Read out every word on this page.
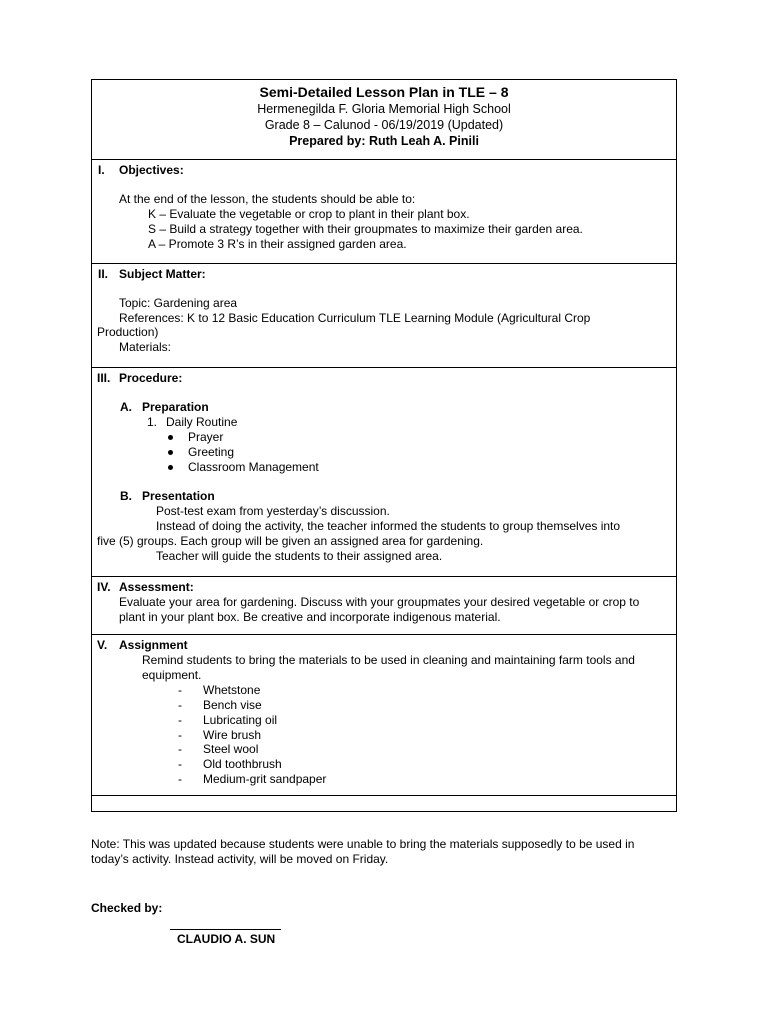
Semi-Detailed Lesson Plan in TLE – 8
Hermenegilda F. Gloria Memorial High School
Grade 8 – Calunod - 06/19/2019 (Updated)
Prepared by: Ruth Leah A. Pinili
I. Objectives:
At the end of the lesson, the students should be able to:
K – Evaluate the vegetable or crop to plant in their plant box.
S – Build a strategy together with their groupmates to maximize their garden area.
A – Promote 3 R’s in their assigned garden area.
II. Subject Matter:
Topic: Gardening area
References: K to 12 Basic Education Curriculum TLE Learning Module (Agricultural Crop
Production)
Materials:
III. Procedure:
A. Preparation
1. Daily Routine
Prayer
Greeting
Classroom Management
B. Presentation
Post-test exam from yesterday’s discussion.
Instead of doing the activity, the teacher informed the students to group themselves into
five (5) groups. Each group will be given an assigned area for gardening.
Teacher will guide the students to their assigned area.
IV. Assessment:
Evaluate your area for gardening. Discuss with your groupmates your desired vegetable or crop to
plant in your plant box. Be creative and incorporate indigenous material.
V. Assignment
Remind students to bring the materials to be used in cleaning and maintaining farm tools and
equipment.
- Whetstone
- Bench vise
- Lubricating oil
- Wire brush
- Steel wool
- Old toothbrush
- Medium-grit sandpaper
Note: This was updated because students were unable to bring the materials supposedly to be used in
today’s activity. Instead activity, will be moved on Friday.
Checked by:
CLAUDIO A. SUN
